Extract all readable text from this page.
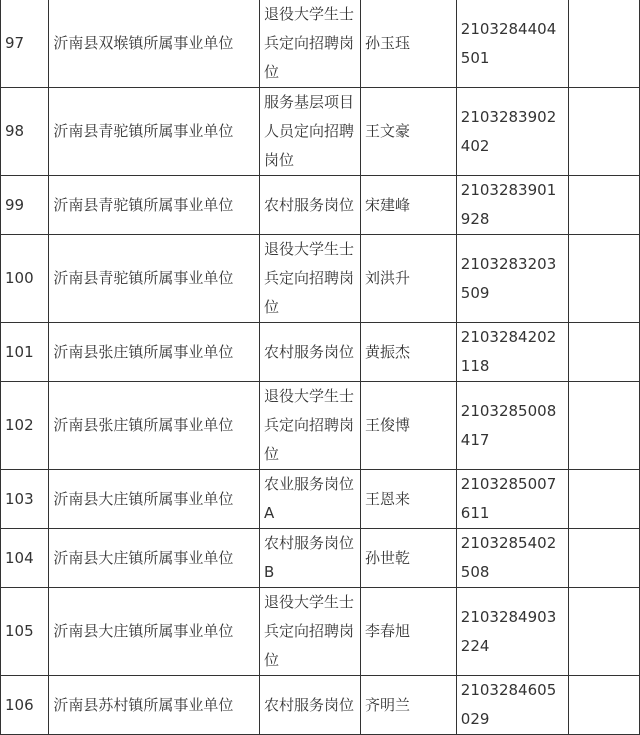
97	沂南县双堠镇所属事业单位	退役大学生士兵定向招聘岗位	孙玉珏	2103284404501	
98	沂南县青驼镇所属事业单位	服务基层项目人员定向招聘岗位	王文豪	2103283902402	
99	沂南县青驼镇所属事业单位	农村服务岗位	宋建峰	2103283901928	
100	沂南县青驼镇所属事业单位	退役大学生士兵定向招聘岗位	刘洪升	2103283203509	
101	沂南县张庄镇所属事业单位	农村服务岗位	黄振杰	2103284202118	
102	沂南县张庄镇所属事业单位	退役大学生士兵定向招聘岗位	王俊博	2103285008417	
103	沂南县大庄镇所属事业单位	农业服务岗位A	王恩来	2103285007611	
104	沂南县大庄镇所属事业单位	农村服务岗位B	孙世乾	2103285402508	
105	沂南县大庄镇所属事业单位	退役大学生士兵定向招聘岗位	李春旭	2103284903224	
106	沂南县苏村镇所属事业单位	农村服务岗位	齐明兰	2103284605029	
